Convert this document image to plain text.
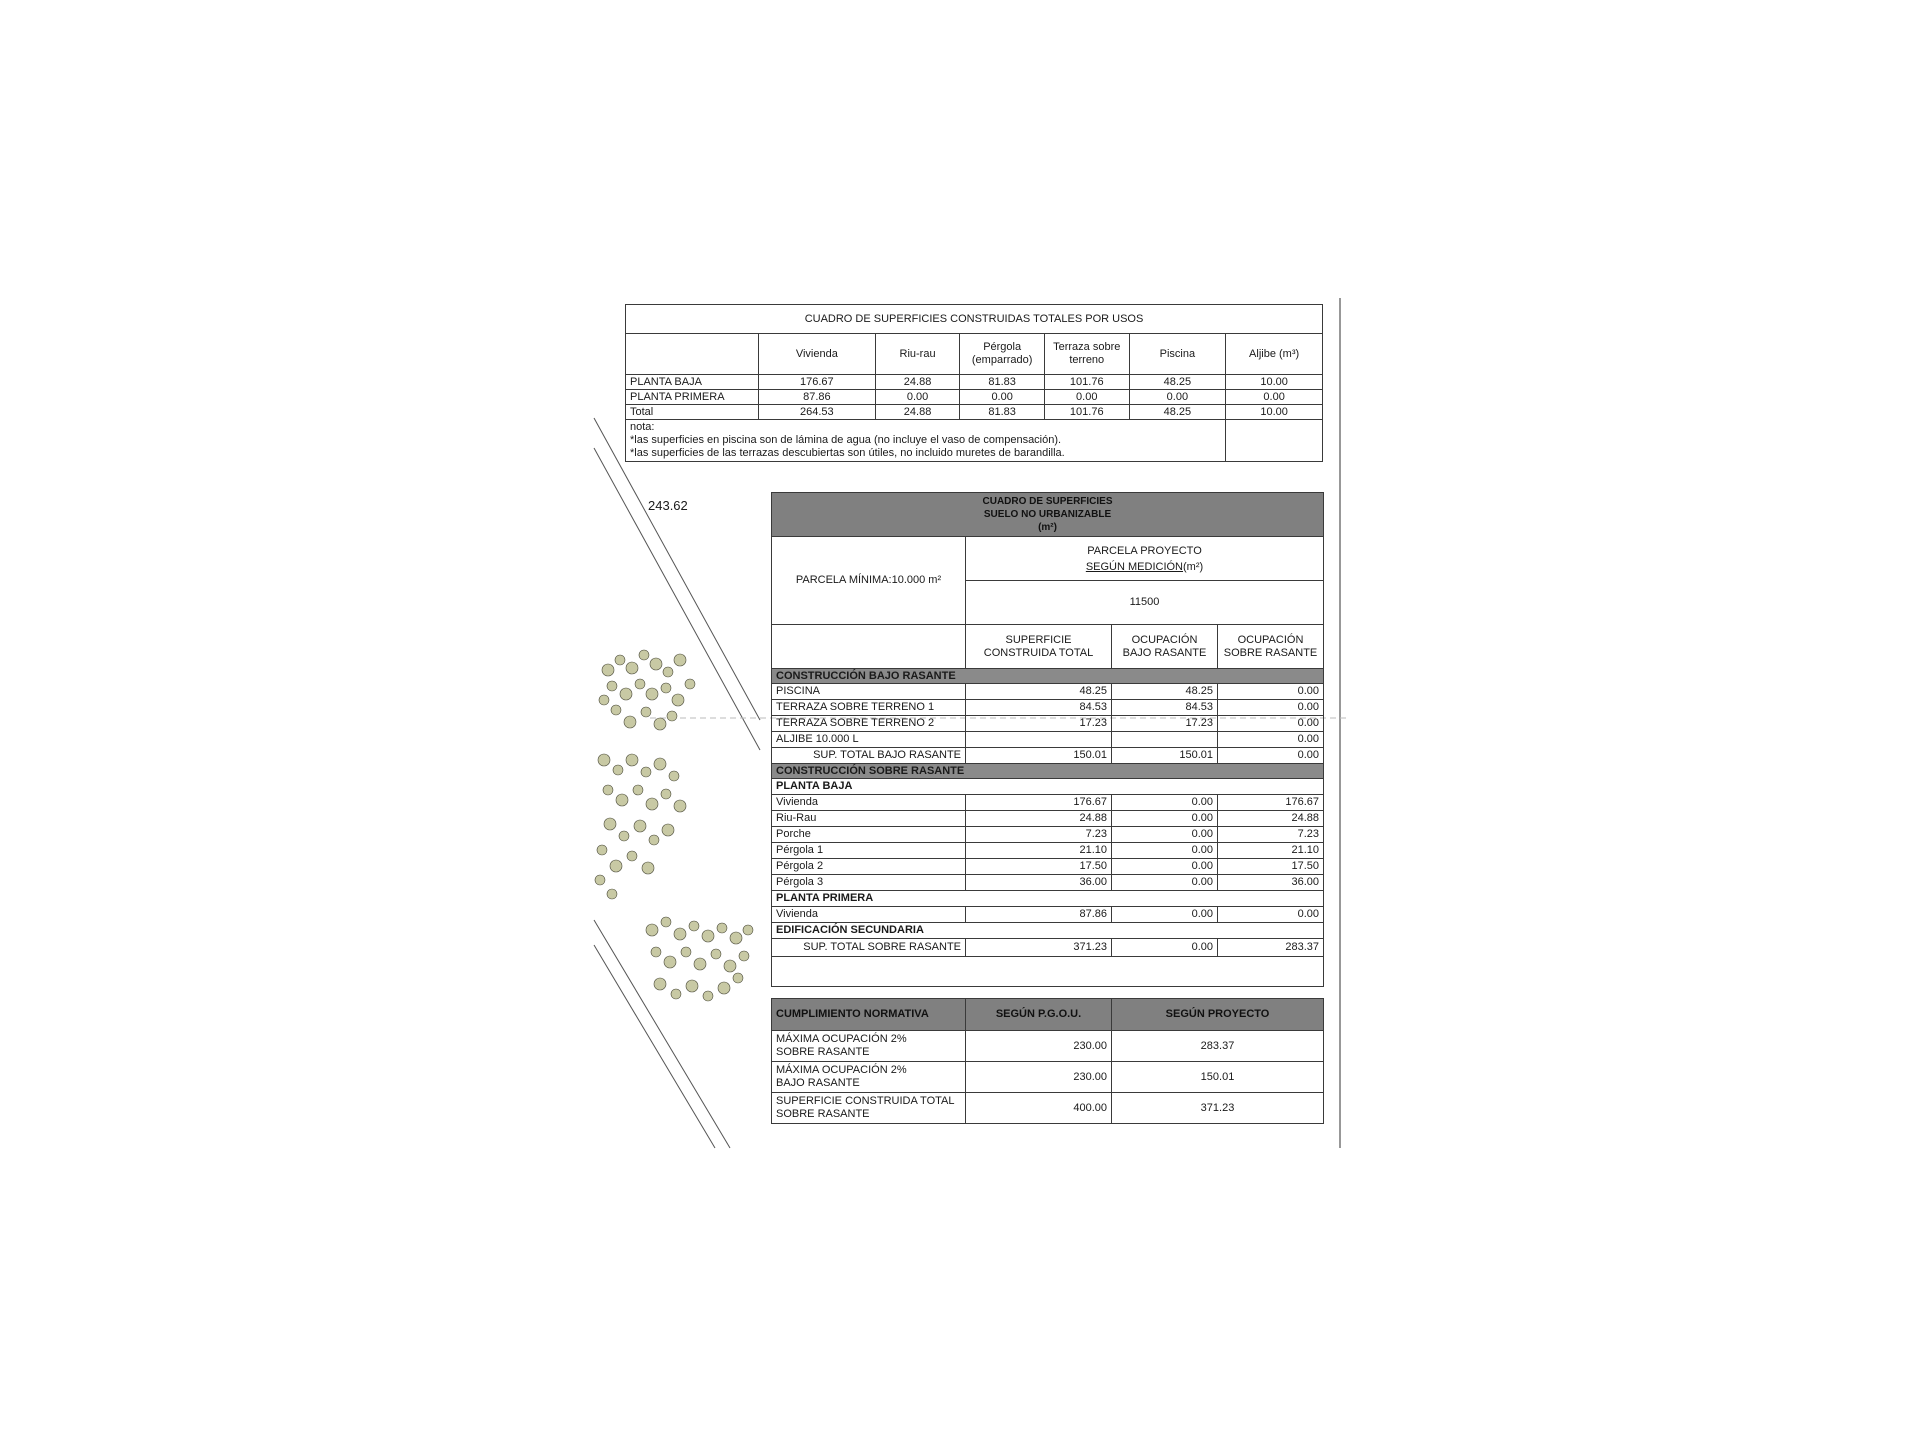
243.62
CUADRO DE SUPERFICIES CONSTRUIDAS TOTALES POR USOS						
	Vivienda	Riu-rau	Pérgola (emparrado)	Terraza sobre terreno	Piscina	Aljibe (m³)
PLANTA BAJA	176.67	24.88	81.83	101.76	48.25	10.00
PLANTA PRIMERA	87.86	0.00	0.00	0.00	0.00	0.00
Total	264.53	24.88	81.83	101.76	48.25	10.00

nota:
*las superficies en piscina son de lámina de agua (no incluye el vaso de compensación).
*las superficies de las terrazas descubiertas son útiles, no incluido muretes de barandilla.						

CUADRO DE SUPERFICIES
SUELO NO URBANIZABLE
(m²)			

PARCELA MÍNIMA:10.000 m²	PARCELA PROYECTO
SEGÚN MEDICIÓN(m²)		

	11500		
	SUPERFICIE CONSTRUIDA TOTAL	OCUPACIÓN BAJO RASANTE	OCUPACIÓN SOBRE RASANTE
CONSTRUCCIÓN BAJO RASANTE			
PISCINA	48.25	48.25	0.00
TERRAZA SOBRE TERRENO 1	84.53	84.53	0.00
TERRAZA SOBRE TERRENO 2	17.23	17.23	0.00
ALJIBE 10.000 L			0.00
SUP. TOTAL BAJO RASANTE	150.01	150.01	0.00
CONSTRUCCIÓN SOBRE RASANTE			
PLANTA BAJA			
Vivienda	176.67	0.00	176.67
Riu-Rau	24.88	0.00	24.88
Porche	7.23	0.00	7.23
Pérgola 1	21.10	0.00	21.10
Pérgola 2	17.50	0.00	17.50
Pérgola 3	36.00	0.00	36.00
PLANTA PRIMERA			
Vivienda	87.86	0.00	0.00
EDIFICACIÓN SECUNDARIA			
SUP. TOTAL SOBRE RASANTE	371.23	0.00	283.37

CUMPLIMIENTO NORMATIVA	SEGÚN P.G.O.U.	SEGÚN PROYECTO

MÁXIMA OCUPACIÓN 2%
SOBRE RASANTE	230.00	283.37

MÁXIMA OCUPACIÓN 2%
BAJO RASANTE	230.00	150.01

SUPERFICIE CONSTRUIDA TOTAL
SOBRE RASANTE	400.00	371.23
